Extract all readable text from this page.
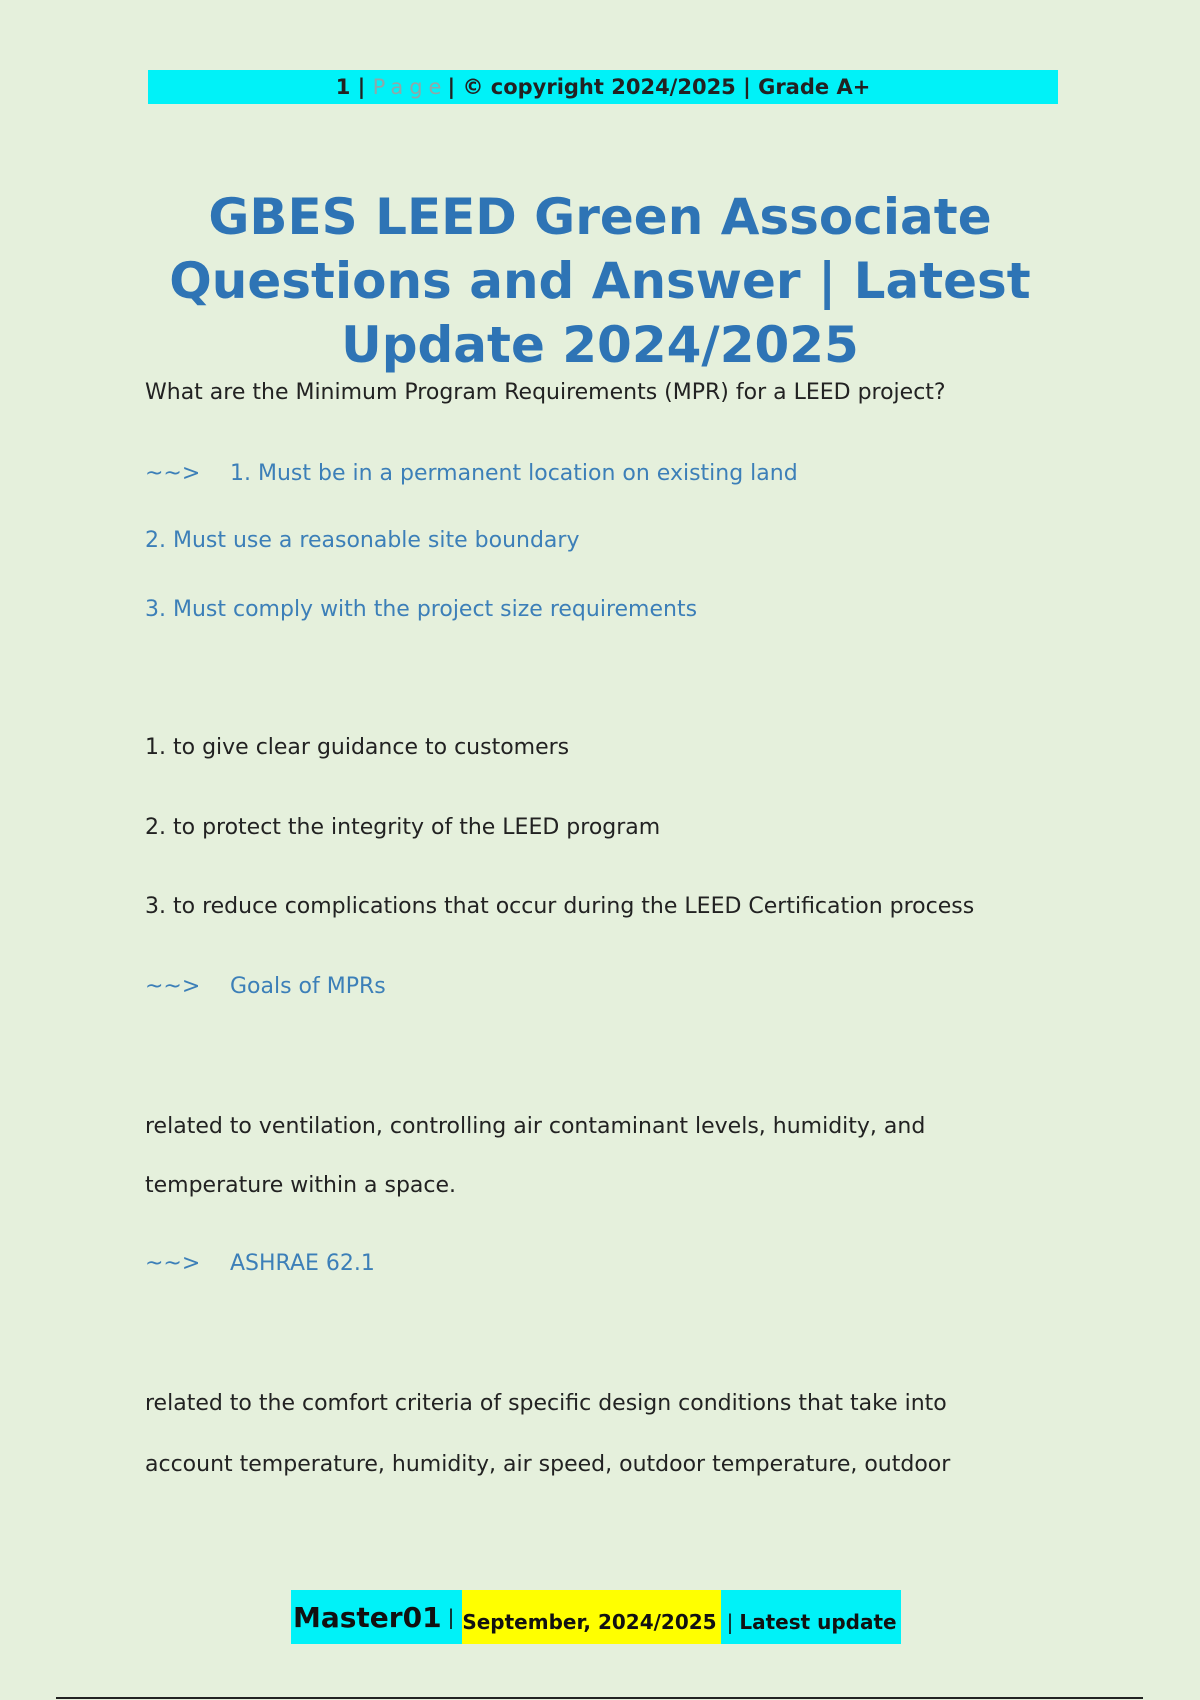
1 | Page| © copyright 2024/2025 | Grade A+
GBES LEED Green Associate
Questions and Answer | Latest
Update 2024/2025
What are the Minimum Program Requirements (MPR) for a LEED project?
~~> 1. Must be in a permanent location on existing land
2. Must use a reasonable site boundary
3. Must comply with the project size requirements
1. to give clear guidance to customers
2. to protect the integrity of the LEED program
3. to reduce complications that occur during the LEED Certification process
~~> Goals of MPRs
related to ventilation, controlling air contaminant levels, humidity, and
temperature within a space.
~~> ASHRAE 62.1
related to the comfort criteria of specific design conditions that take into
account temperature, humidity, air speed, outdoor temperature, outdoor
Master01 | September, 2024/2025 | Latest update
